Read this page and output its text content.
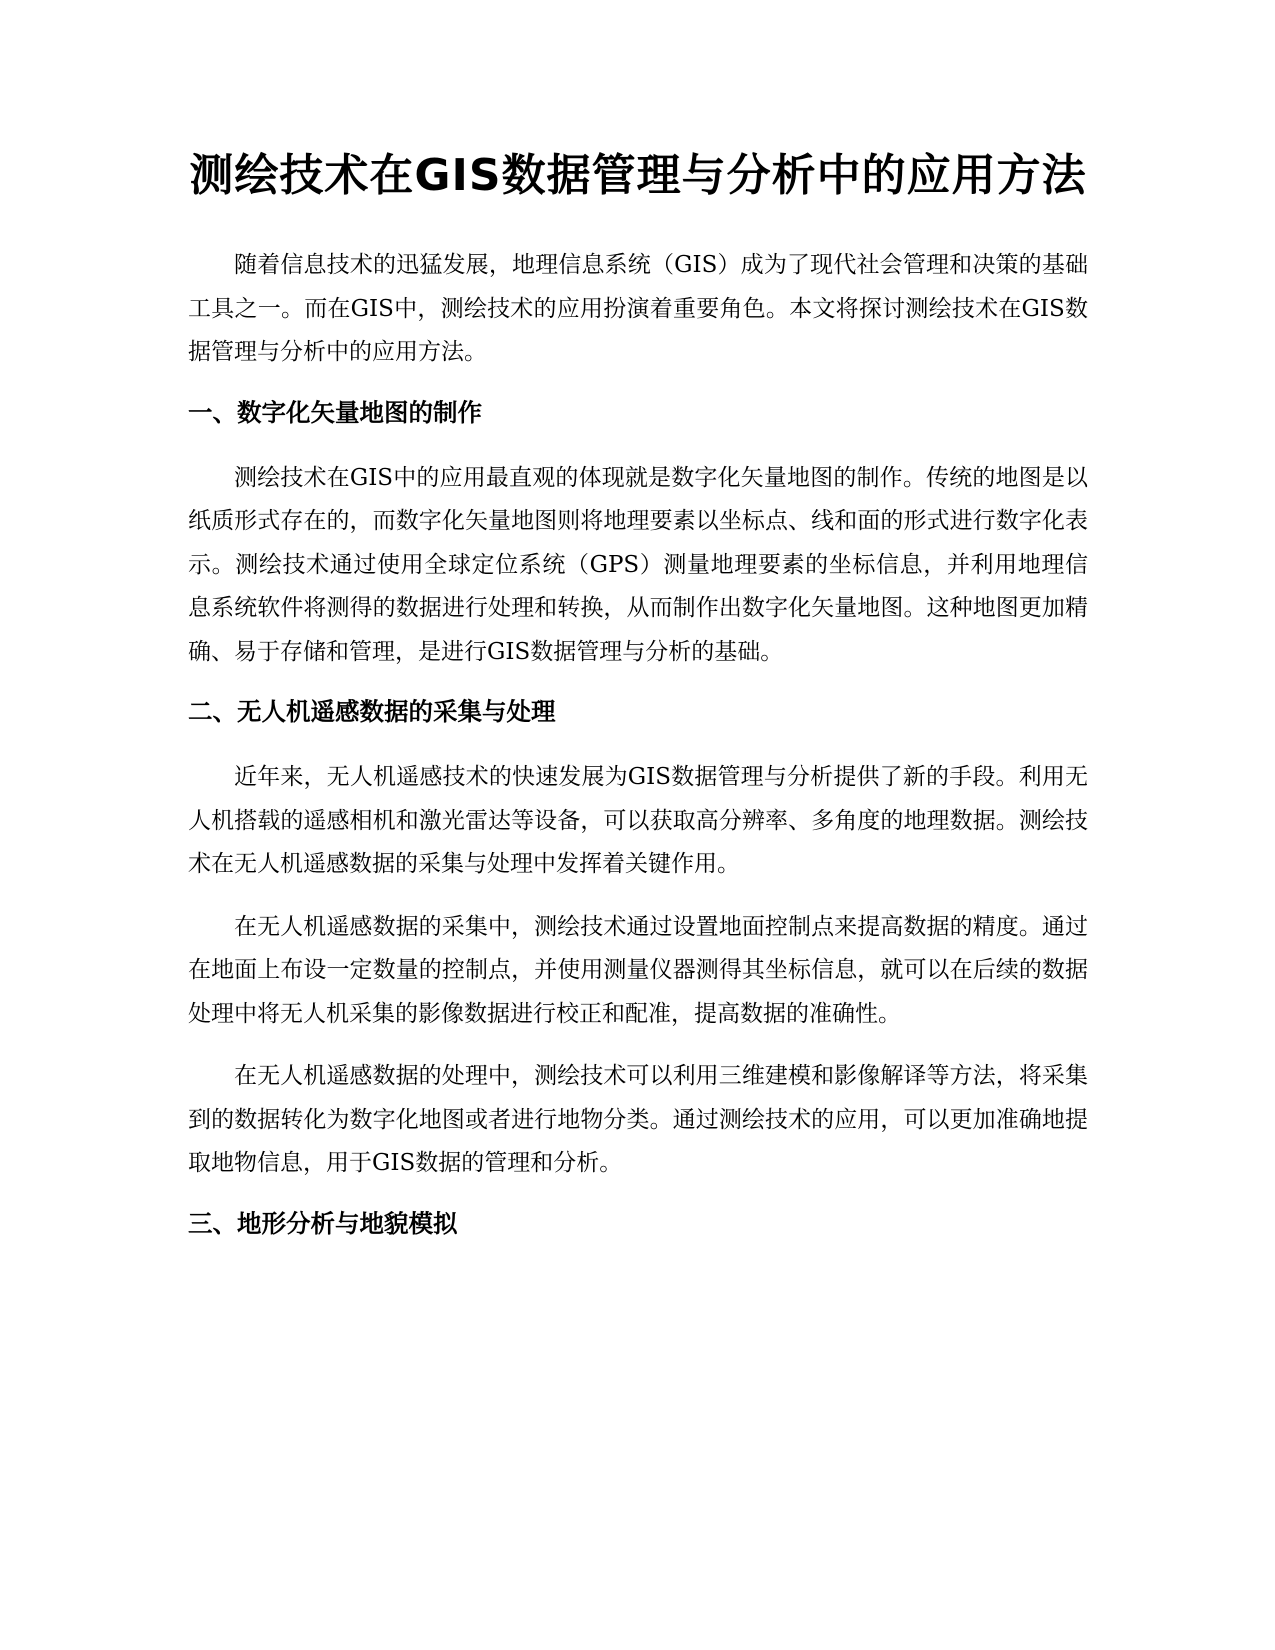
测绘技术在GIS数据管理与分析中的应用方法

随着信息技术的迅猛发展，地理信息系统（GIS）成为了现代社会管理和决策的基础工具之一。而在GIS中，测绘技术的应用扮演着重要角色。本文将探讨测绘技术在GIS数据管理与分析中的应用方法。

一、数字化矢量地图的制作

测绘技术在GIS中的应用最直观的体现就是数字化矢量地图的制作。传统的地图是以纸质形式存在的，而数字化矢量地图则将地理要素以坐标点、线和面的形式进行数字化表示。测绘技术通过使用全球定位系统（GPS）测量地理要素的坐标信息，并利用地理信息系统软件将测得的数据进行处理和转换，从而制作出数字化矢量地图。这种地图更加精确、易于存储和管理，是进行GIS数据管理与分析的基础。

二、无人机遥感数据的采集与处理

近年来，无人机遥感技术的快速发展为GIS数据管理与分析提供了新的手段。利用无人机搭载的遥感相机和激光雷达等设备，可以获取高分辨率、多角度的地理数据。测绘技术在无人机遥感数据的采集与处理中发挥着关键作用。

在无人机遥感数据的采集中，测绘技术通过设置地面控制点来提高数据的精度。通过在地面上布设一定数量的控制点，并使用测量仪器测得其坐标信息，就可以在后续的数据处理中将无人机采集的影像数据进行校正和配准，提高数据的准确性。

在无人机遥感数据的处理中，测绘技术可以利用三维建模和影像解译等方法，将采集到的数据转化为数字化地图或者进行地物分类。通过测绘技术的应用，可以更加准确地提取地物信息，用于GIS数据的管理和分析。

三、地形分析与地貌模拟
